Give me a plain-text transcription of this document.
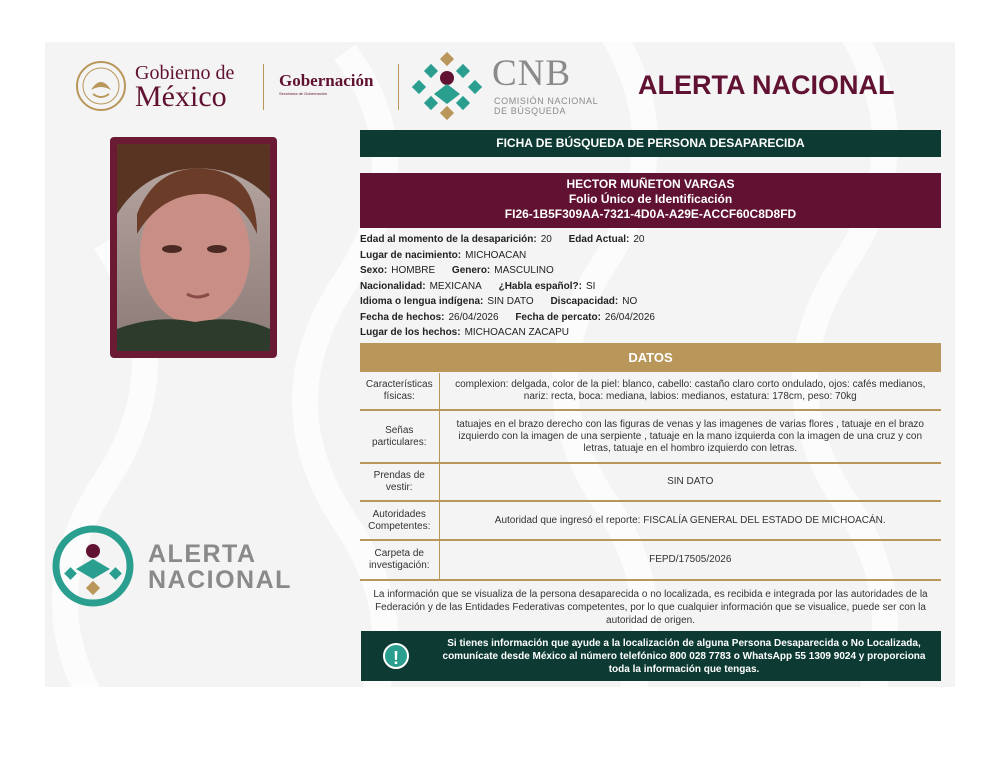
Gobierno de
México	Gobernación
Secretaría de Gobernación	CNB
COMISIÓN NACIONAL DE BÚSQUEDA
ALERTA NACIONAL
ALERTA
NACIONAL
FICHA DE BÚSQUEDA DE PERSONA DESAPARECIDA
HECTOR MUÑETON VARGAS
Folio Único de Identificación
FI26-1B5F309AA-7321-4D0A-A29E-ACCF60C8D8FD
Edad al momento de la desaparición: 20 Edad Actual: 20
Lugar de nacimiento: MICHOACAN
Sexo: HOMBRE Genero: MASCULINO
Nacionalidad: MEXICANA ¿Habla español?: SI
Idioma o lengua indígena: SIN DATO Discapacidad: NO
Fecha de hechos: 26/04/2026 Fecha de percato: 26/04/2026
Lugar de los hechos: MICHOACAN ZACAPU
DATOS
Características físicas:	complexion: delgada, color de la piel: blanco, cabello: castaño claro corto ondulado, ojos: cafés medianos, nariz: recta, boca: mediana, labios: medianos, estatura: 178cm, peso: 70kg
Señas particulares:	tatuajes en el brazo derecho con las figuras de venas y las imagenes de varias flores , tatuaje en el brazo izquierdo con la imagen de una serpiente , tatuaje en la mano izquierda con la imagen de una cruz y con letras, tatuaje en el hombro izquierdo con letras.
Prendas de vestir:	SIN DATO
Autoridades Competentes:	Autoridad que ingresó el reporte: FISCALÍA GENERAL DEL ESTADO DE MICHOACÁN.
Carpeta de investigación:	FEPD/17505/2026
La información que se visualiza de la persona desaparecida o no localizada, es recibida e integrada por las autoridades de la Federación y de las Entidades Federativas competentes, por lo que cualquier información que se visualice, puede ser con la autoridad de origen.
!
Si tienes información que ayude a la localización de alguna Persona Desaparecida o No Localizada, comunícate desde México al número telefónico 800 028 7783 o WhatsApp 55 1309 9024 y proporciona toda la información que tengas.
